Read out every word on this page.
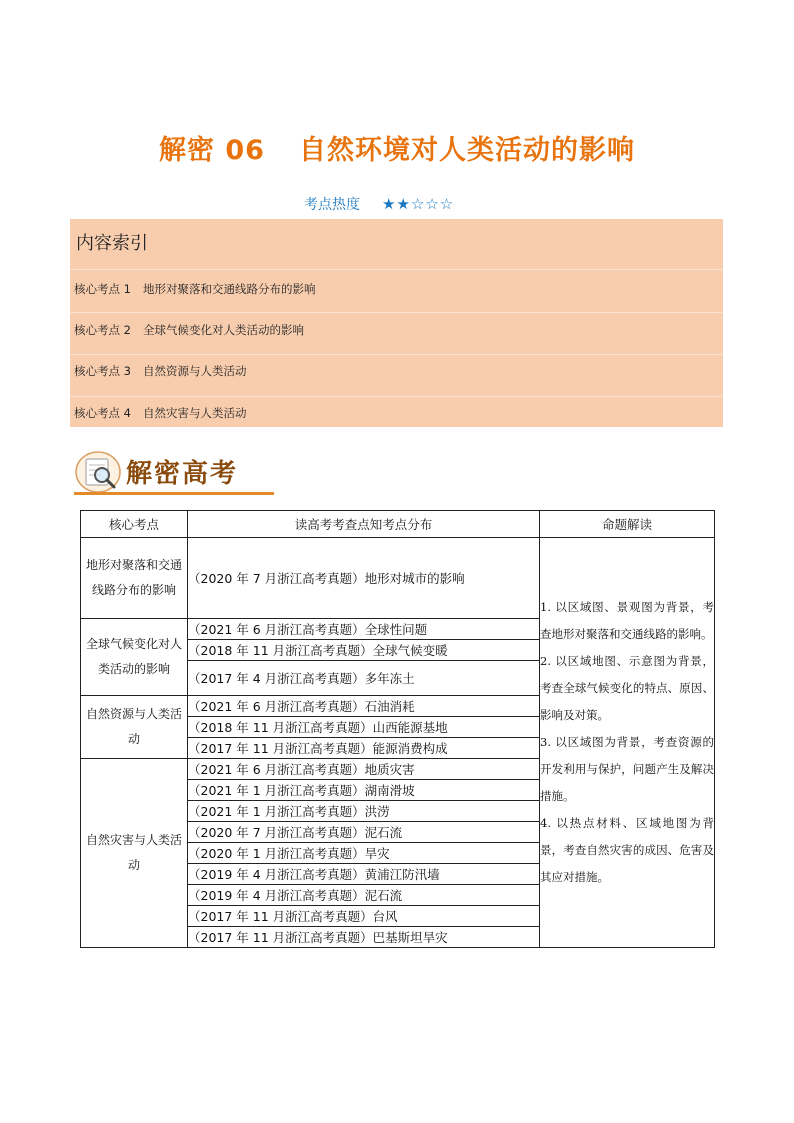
解密 06 自然环境对人类活动的影响
考点热度 ★★☆☆☆
内容索引
核心考点 1 地形对聚落和交通线路分布的影响
核心考点 2 全球气候变化对人类活动的影响
核心考点 3 自然资源与人类活动
核心考点 4 自然灾害与人类活动
解密高考
核心考点	读高考考查点知考点分布	命题解读
地形对聚落和交通线路分布的影响	（2020 年 7 月浙江高考真题）地形对城市的影响	1. 以区域图、景观图为背景，考查地形对聚落和交通线路的影响。

2. 以区域地图、示意图为背景，考查全球气候变化的特点、原因、影响及对策。

3. 以区域图为背景，考查资源的开发利用与保护，问题产生及解决措施。

4. 以热点材料、区域地图为背景，考查自然灾害的成因、危害及其应对措施。

全球气候变化对人类活动的影响	（2021 年 6 月浙江高考真题）全球性问题	
	（2018 年 11 月浙江高考真题）全球气候变暖	
	（2017 年 4 月浙江高考真题）多年冻土	
自然资源与人类活动	（2021 年 6 月浙江高考真题）石油消耗	
	（2018 年 11 月浙江高考真题）山西能源基地	
	（2017 年 11 月浙江高考真题）能源消费构成	
自然灾害与人类活动	（2021 年 6 月浙江高考真题）地质灾害	
	（2021 年 1 月浙江高考真题）湖南滑坡	
	（2021 年 1 月浙江高考真题）洪涝	
	（2020 年 7 月浙江高考真题）泥石流	
	（2020 年 1 月浙江高考真题）旱灾	
	（2019 年 4 月浙江高考真题）黄浦江防汛墙	
	（2019 年 4 月浙江高考真题）泥石流	
	（2017 年 11 月浙江高考真题）台风	
	（2017 年 11 月浙江高考真题）巴基斯坦旱灾	
